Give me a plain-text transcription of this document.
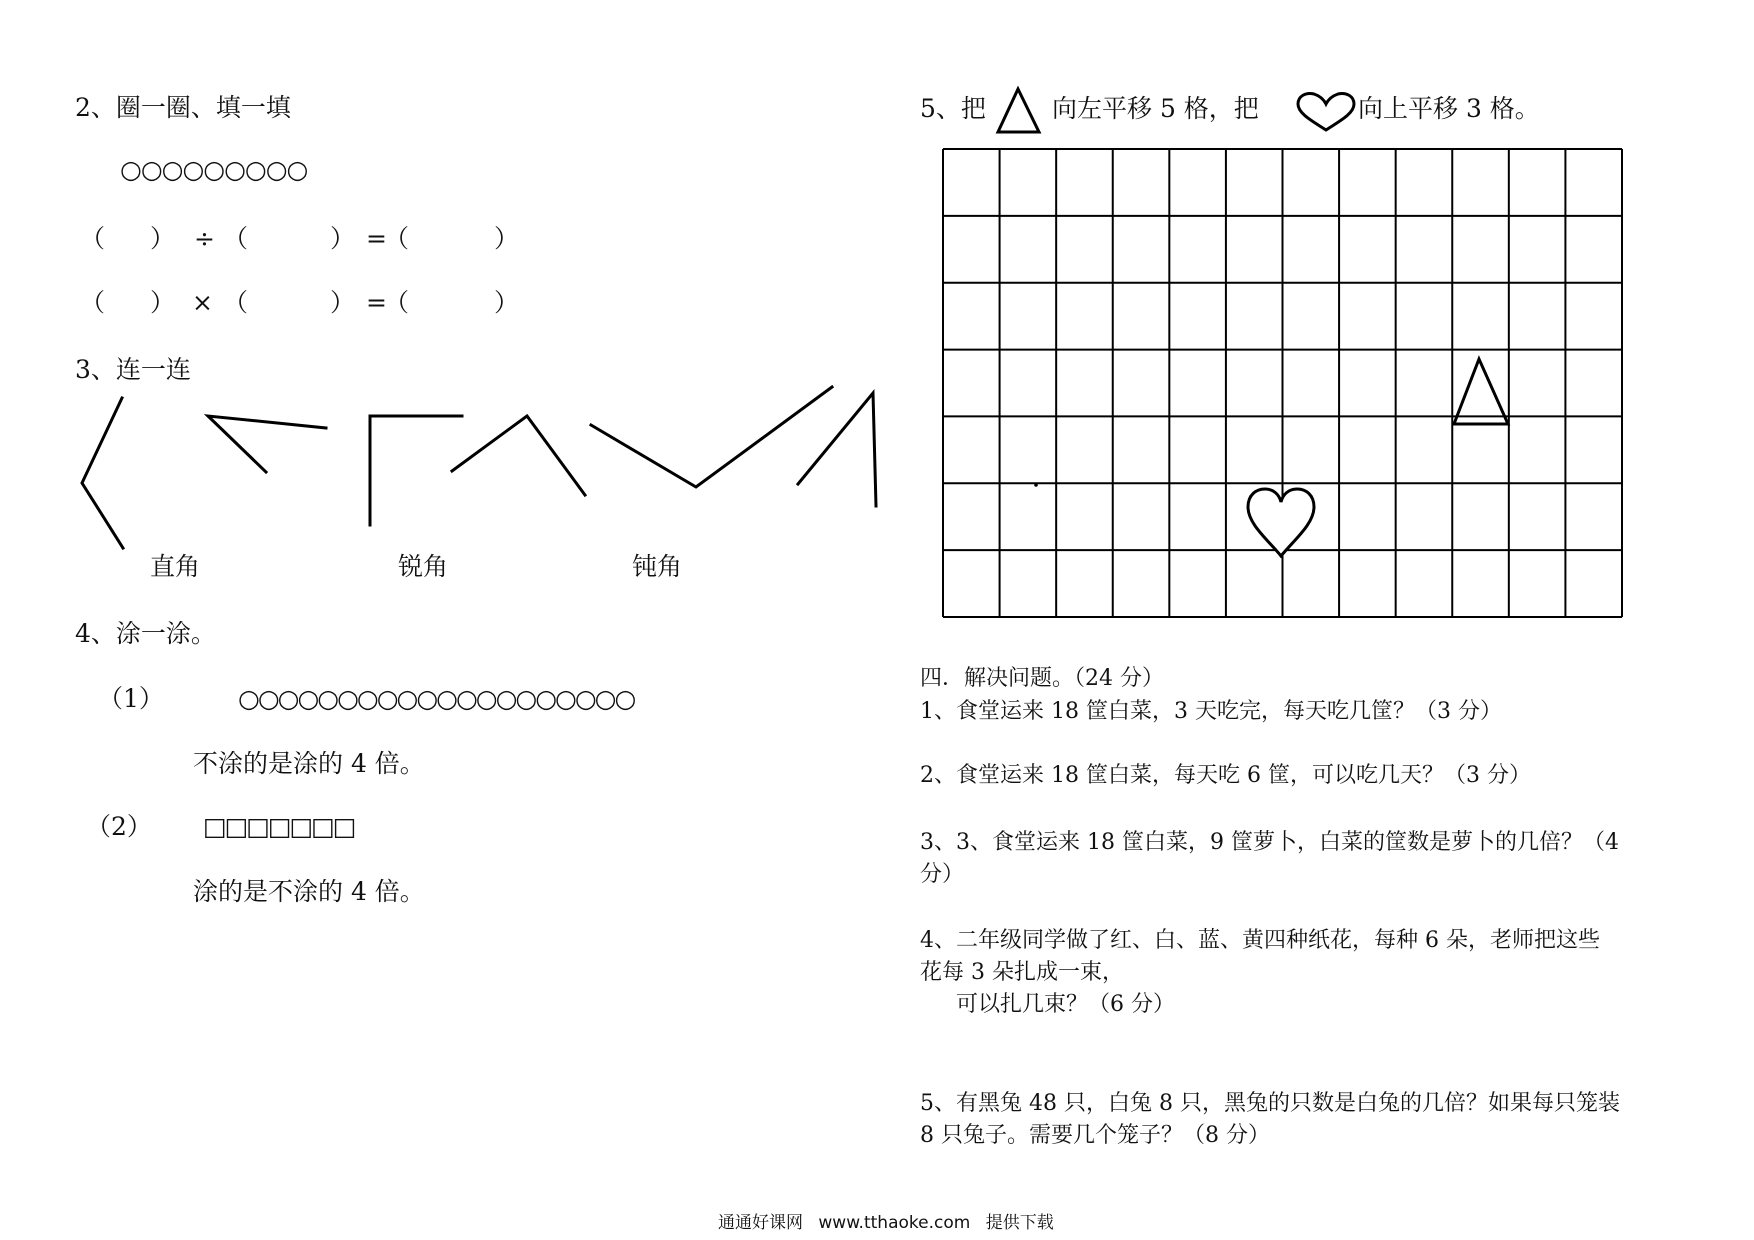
2、圈一圈、填一填
○○○○○○○○○
（ ） ÷ （	） =
（	）
（ ） × （	） =
（	）
3、连一连
直角	锐角	钝角
4、涂一涂。
（1）	○○○○○○○○○○○○○○○○○○○○
不涂的是涂的 4 倍。
（2） □□□□□□□
涂的是不涂的 4 倍。
5、把	向左平移 5 格，把	向上平移 3 格。
四．解决问题。（24 分）
1、食堂运来 18 筐白菜，3 天吃完，每天吃几筐？（3 分）
2、食堂运来 18 筐白菜，每天吃 6 筐，可以吃几天？（3 分）
3、3、食堂运来 18 筐白菜，9 筐萝卜，白菜的筐数是萝卜的几倍？（4
分）
4、二年级同学做了红、白、蓝、黄四种纸花，每种 6 朵，老师把这些
花每 3 朵扎成一束，
可以扎几束？（6 分）
5、有黑兔 48 只，白兔 8 只，黑兔的只数是白兔的几倍？如果每只笼装
8 只兔子。需要几个笼子？（8 分）
通通好课网 www.tthaoke.com 提供下载
